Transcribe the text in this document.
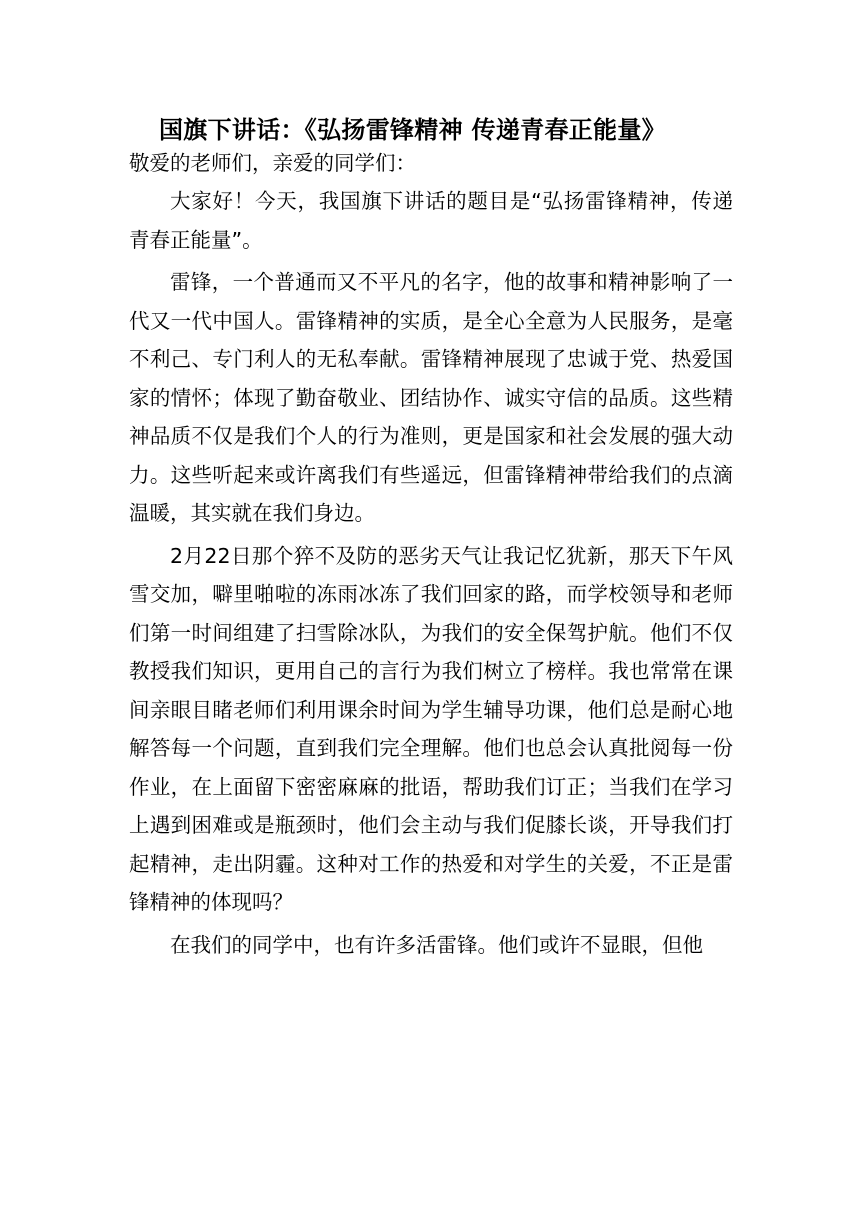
国旗下讲话：《弘扬雷锋精神 传递青春正能量》

敬爱的老师们，亲爱的同学们：

大家好！今天，我国旗下讲话的题目是“弘扬雷锋精神，传递青春正能量”。

雷锋，一个普通而又不平凡的名字，他的故事和精神影响了一代又一代中国人。雷锋精神的实质，是全心全意为人民服务，是毫不利己、专门利人的无私奉献。雷锋精神展现了忠诚于党、热爱国家的情怀；体现了勤奋敬业、团结协作、诚实守信的品质。这些精神品质不仅是我们个人的行为准则，更是国家和社会发展的强大动力。这些听起来或许离我们有些遥远，但雷锋精神带给我们的点滴温暖，其实就在我们身边。

2月22日那个猝不及防的恶劣天气让我记忆犹新，那天下午风雪交加，噼里啪啦的冻雨冰冻了我们回家的路，而学校领导和老师们第一时间组建了扫雪除冰队，为我们的安全保驾护航。他们不仅教授我们知识，更用自己的言行为我们树立了榜样。我也常常在课间亲眼目睹老师们利用课余时间为学生辅导功课，他们总是耐心地解答每一个问题，直到我们完全理解。他们也总会认真批阅每一份作业，在上面留下密密麻麻的批语，帮助我们订正；当我们在学习上遇到困难或是瓶颈时，他们会主动与我们促膝长谈，开导我们打起精神，走出阴霾。这种对工作的热爱和对学生的关爱，不正是雷锋精神的体现吗？

在我们的同学中，也有许多活雷锋。他们或许不显眼，但他
